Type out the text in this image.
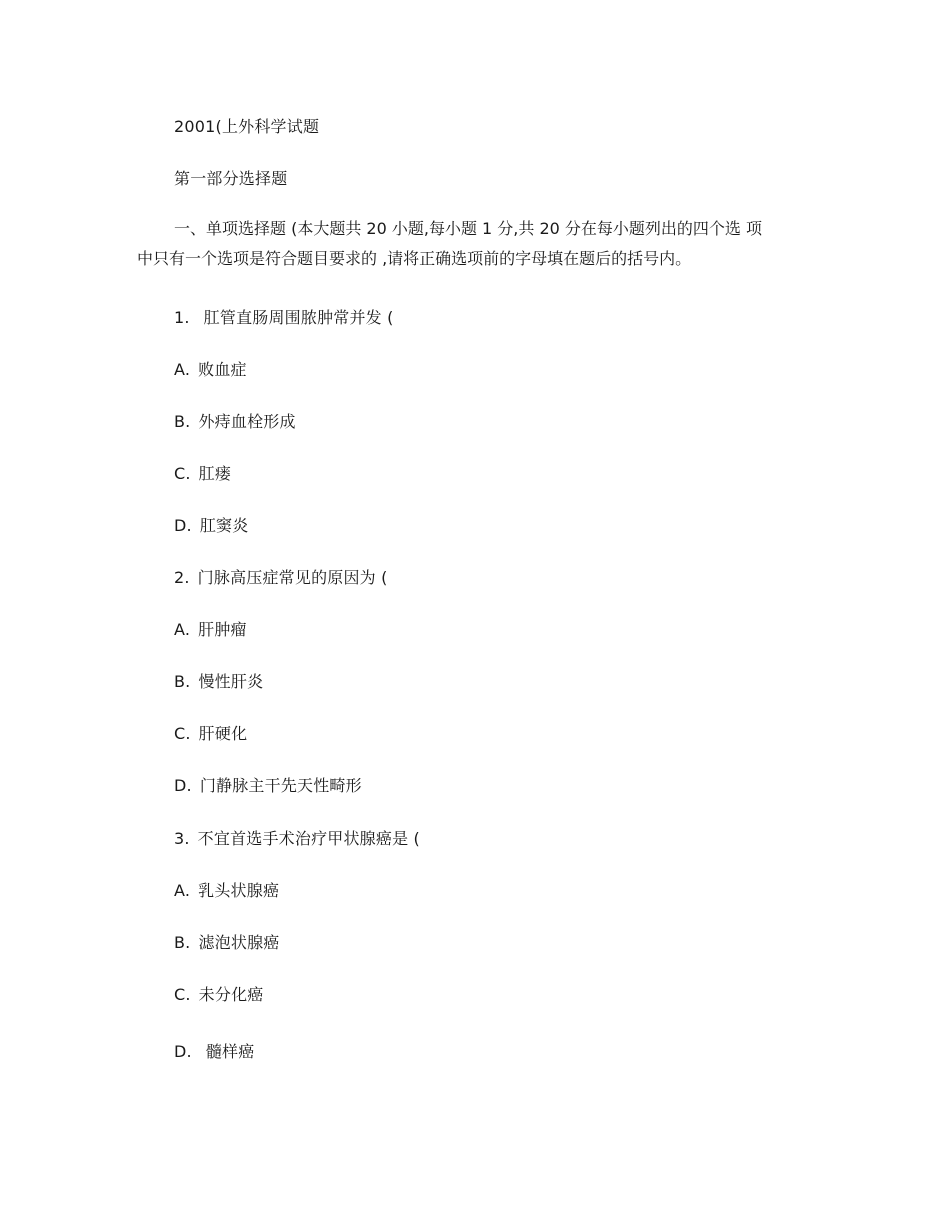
2001(上外科学试题
第一部分选择题
一、单项选择题 (本大题共 20 小题,每小题 1 分,共 20 分在每小题列出的四个选 项
中只有一个选项是符合题目要求的 ,请将正确选项前的字母填在题后的括号内。
1. 肛管直肠周围脓肿常并发 (
A. 败血症
B. 外痔血栓形成
C. 肛瘘
D. 肛窦炎
2. 门脉高压症常见的原因为 (
A. 肝肿瘤
B. 慢性肝炎
C. 肝硬化
D. 门静脉主干先天性畸形
3. 不宜首选手术治疗甲状腺癌是 (
A. 乳头状腺癌
B. 滤泡状腺癌
C. 未分化癌
D. 髓样癌
